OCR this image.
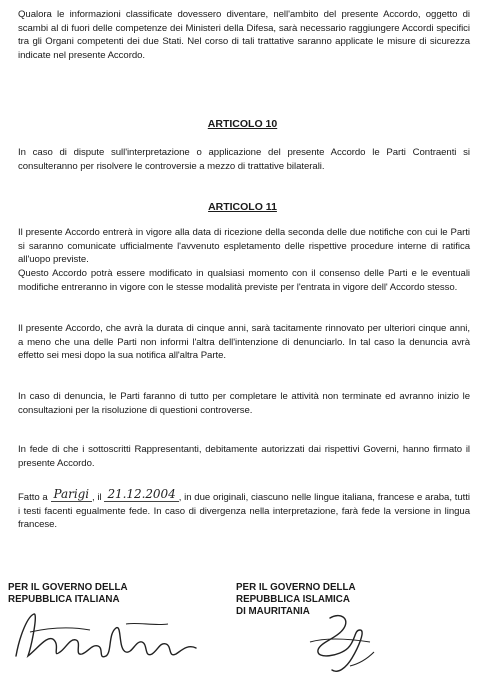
Qualora le informazioni classificate dovessero diventare, nell'ambito del presente Accordo, oggetto di scambi al di fuori delle competenze dei Ministeri della Difesa, sarà necessario raggiungere Accordi specifici tra gli Organi competenti dei due Stati. Nel corso di tali trattative saranno applicate le misure di sicurezza indicate nel presente Accordo.
ARTICOLO 10
In caso di dispute sull'interpretazione o applicazione del presente Accordo le Parti Contraenti si consulteranno per risolvere le controversie a mezzo di trattative bilaterali.
ARTICOLO 11
Il presente Accordo entrerà in vigore alla data di ricezione della seconda delle due notifiche con cui le Parti si saranno comunicate ufficialmente l'avvenuto espletamento delle rispettive procedure interne di ratifica all'uopo previste.
Questo Accordo potrà essere modificato in qualsiasi momento con il consenso delle Parti e le eventuali modifiche entreranno in vigore con le stesse modalità previste per l'entrata in vigore dell' Accordo stesso.
Il presente Accordo, che avrà la durata di cinque anni, sarà tacitamente rinnovato per ulteriori cinque anni, a meno che una delle Parti non informi l'altra dell'intenzione di denunciarlo. In tal caso la denuncia avrà effetto sei mesi dopo la sua notifica all'altra Parte.
In caso di denuncia, le Parti faranno di tutto per completare le attività non terminate ed avranno inizio le consultazioni per la risoluzione di questioni controverse.
In fede di che i sottoscritti Rappresentanti, debitamente autorizzati dai rispettivi Governi, hanno firmato il presente Accordo.
Fatto a Parigi , il 21.12.2004 , in due originali, ciascuno nelle lingue italiana, francese e araba, tutti i testi facenti egualmente fede. In caso di divergenza nella interpretazione, farà fede la versione in lingua francese.
PER IL GOVERNO DELLA
REPUBBLICA ITALIANA
PER IL GOVERNO DELLA
REPUBBLICA ISLAMICA
DI MAURITANIA
